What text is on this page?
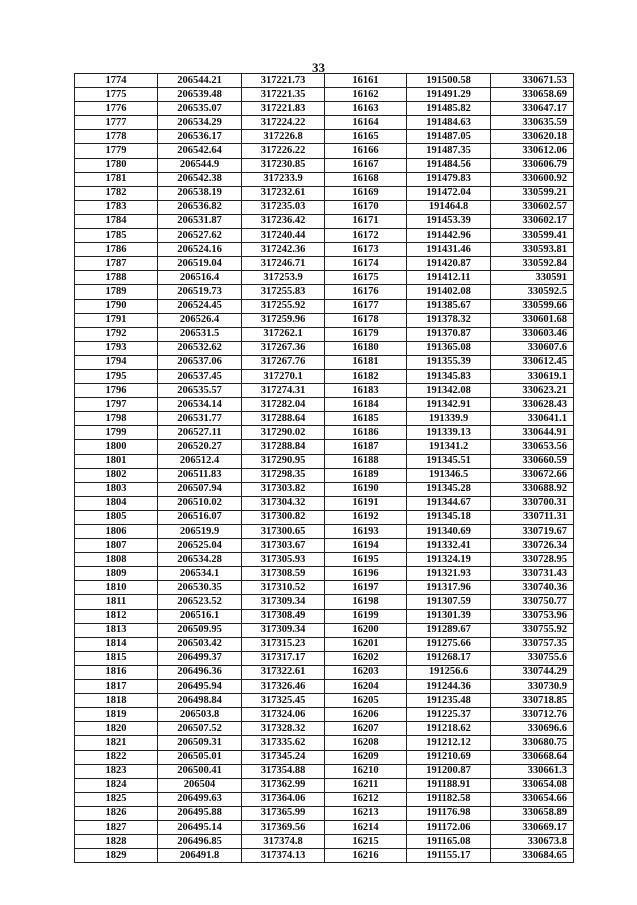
33
1774	206544.21	317221.73	16161	191500.58	330671.53
1775	206539.48	317221.35	16162	191491.29	330658.69
1776	206535.07	317221.83	16163	191485.82	330647.17
1777	206534.29	317224.22	16164	191484.63	330635.59
1778	206536.17	317226.8	16165	191487.05	330620.18
1779	206542.64	317226.22	16166	191487.35	330612.06
1780	206544.9	317230.85	16167	191484.56	330606.79
1781	206542.38	317233.9	16168	191479.83	330600.92
1782	206538.19	317232.61	16169	191472.04	330599.21
1783	206536.82	317235.03	16170	191464.8	330602.57
1784	206531.87	317236.42	16171	191453.39	330602.17
1785	206527.62	317240.44	16172	191442.96	330599.41
1786	206524.16	317242.36	16173	191431.46	330593.81
1787	206519.04	317246.71	16174	191420.87	330592.84
1788	206516.4	317253.9	16175	191412.11	330591
1789	206519.73	317255.83	16176	191402.08	330592.5
1790	206524.45	317255.92	16177	191385.67	330599.66
1791	206526.4	317259.96	16178	191378.32	330601.68
1792	206531.5	317262.1	16179	191370.87	330603.46
1793	206532.62	317267.36	16180	191365.08	330607.6
1794	206537.06	317267.76	16181	191355.39	330612.45
1795	206537.45	317270.1	16182	191345.83	330619.1
1796	206535.57	317274.31	16183	191342.08	330623.21
1797	206534.14	317282.04	16184	191342.91	330628.43
1798	206531.77	317288.64	16185	191339.9	330641.1
1799	206527.11	317290.02	16186	191339.13	330644.91
1800	206520.27	317288.84	16187	191341.2	330653.56
1801	206512.4	317290.95	16188	191345.51	330660.59
1802	206511.83	317298.35	16189	191346.5	330672.66
1803	206507.94	317303.82	16190	191345.28	330688.92
1804	206510.02	317304.32	16191	191344.67	330700.31
1805	206516.07	317300.82	16192	191345.18	330711.31
1806	206519.9	317300.65	16193	191340.69	330719.67
1807	206525.04	317303.67	16194	191332.41	330726.34
1808	206534.28	317305.93	16195	191324.19	330728.95
1809	206534.1	317308.59	16196	191321.93	330731.43
1810	206530.35	317310.52	16197	191317.96	330740.36
1811	206523.52	317309.34	16198	191307.59	330750.77
1812	206516.1	317308.49	16199	191301.39	330753.96
1813	206509.95	317309.34	16200	191289.67	330755.92
1814	206503.42	317315.23	16201	191275.66	330757.35
1815	206499.37	317317.17	16202	191268.17	330755.6
1816	206496.36	317322.61	16203	191256.6	330744.29
1817	206495.94	317326.46	16204	191244.36	330730.9
1818	206498.84	317325.45	16205	191235.48	330718.85
1819	206503.8	317324.06	16206	191225.37	330712.76
1820	206507.52	317328.32	16207	191218.62	330696.6
1821	206509.31	317335.62	16208	191212.12	330680.75
1822	206505.01	317345.24	16209	191210.69	330668.64
1823	206500.41	317354.88	16210	191200.87	330661.3
1824	206504	317362.99	16211	191188.91	330654.08
1825	206499.63	317364.06	16212	191182.58	330654.66
1826	206495.88	317365.99	16213	191176.98	330658.89
1827	206495.14	317369.56	16214	191172.06	330669.17
1828	206496.85	317374.8	16215	191165.08	330673.8
1829	206491.8	317374.13	16216	191155.17	330684.65
